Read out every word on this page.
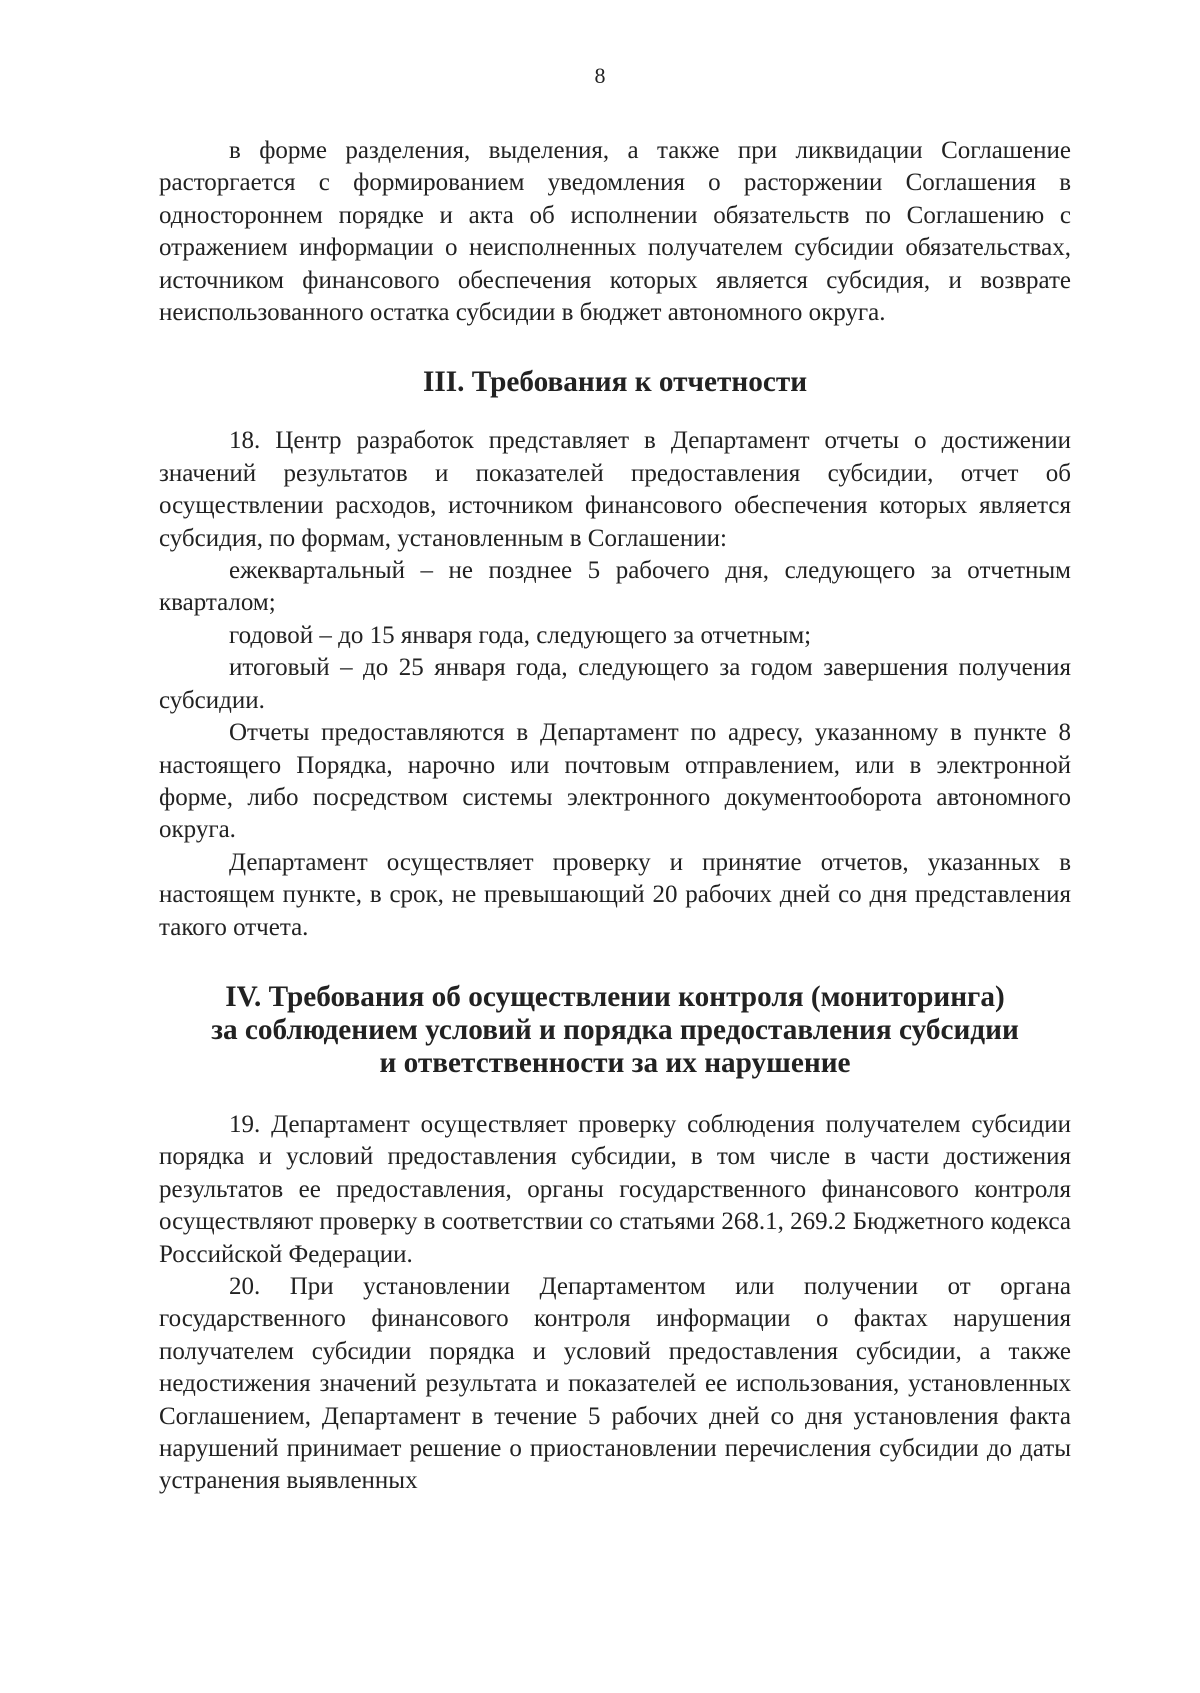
8

в форме разделения, выделения, а также при ликвидации Соглашение расторгается с формированием уведомления о расторжении Соглашения в одностороннем порядке и акта об исполнении обязательств по Соглашению с отражением информации о неисполненных получателем субсидии обязательствах, источником финансового обеспечения которых является субсидия, и возврате неиспользованного остатка субсидии в бюджет автономного округа.

III. Требования к отчетности

18. Центр разработок представляет в Департамент отчеты о достижении значений результатов и показателей предоставления субсидии, отчет об осуществлении расходов, источником финансового обеспечения которых является субсидия, по формам, установленным в Соглашении:

ежеквартальный – не позднее 5 рабочего дня, следующего за отчетным кварталом;

годовой – до 15 января года, следующего за отчетным;

итоговый – до 25 января года, следующего за годом завершения получения субсидии.

Отчеты предоставляются в Департамент по адресу, указанному в пункте 8 настоящего Порядка, нарочно или почтовым отправлением, или в электронной форме, либо посредством системы электронного документооборота автономного округа.

Департамент осуществляет проверку и принятие отчетов, указанных в настоящем пункте, в срок, не превышающий 20 рабочих дней со дня представления такого отчета.

IV. Требования об осуществлении контроля (мониторинга)
за соблюдением условий и порядка предоставления субсидии
и ответственности за их нарушение

19. Департамент осуществляет проверку соблюдения получателем субсидии порядка и условий предоставления субсидии, в том числе в части достижения результатов ее предоставления, органы государственного финансового контроля осуществляют проверку в соответствии со статьями 268.1, 269.2 Бюджетного кодекса Российской Федерации.

20. При установлении Департаментом или получении от органа государственного финансового контроля информации о фактах нарушения получателем субсидии порядка и условий предоставления субсидии, а также недостижения значений результата и показателей ее использования, установленных Соглашением, Департамент в течение 5 рабочих дней со дня установления факта нарушений принимает решение о приостановлении перечисления субсидии до даты устранения выявленных
